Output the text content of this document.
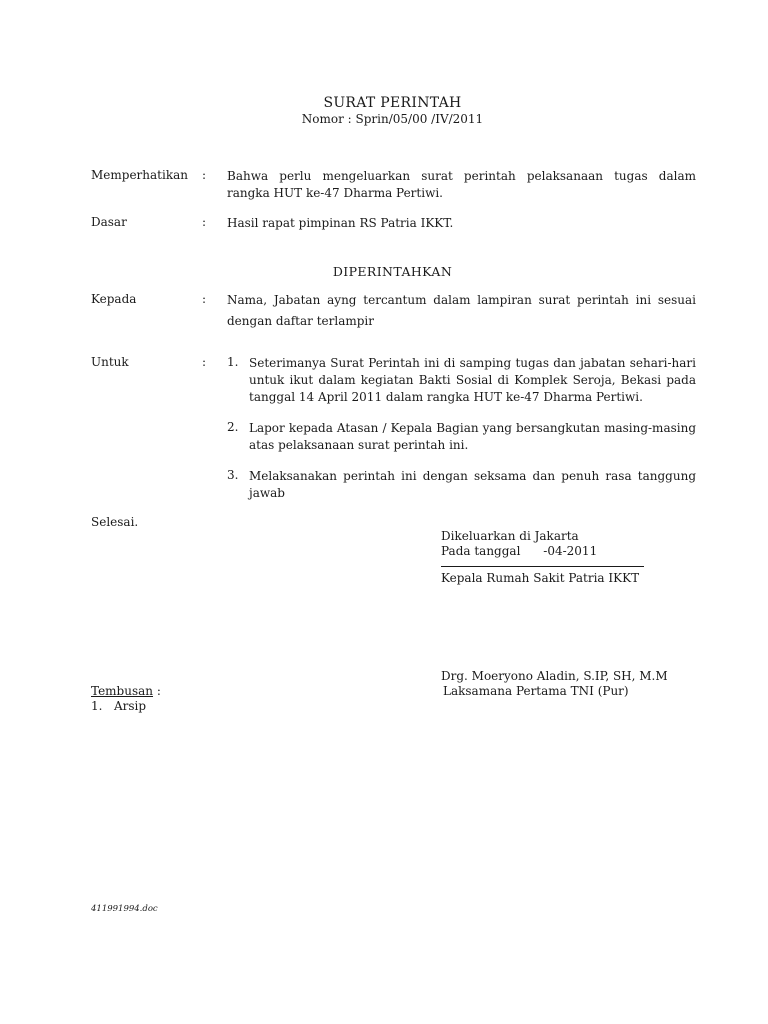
SURAT PERINTAH
Nomor : Sprin/05/00 /IV/2011
Memperhatikan : Bahwa perlu mengeluarkan surat perintah pelaksanaan tugas dalam
rangka HUT ke-47 Dharma Pertiwi.
Dasar	: Hasil rapat pimpinan RS Patria IKKT.
DIPERINTAHKAN
Kepada	: Nama, Jabatan ayng tercantum dalam lampiran surat perintah ini sesuai
dengan daftar terlampir
Untuk	: 1. Seterimanya Surat Perintah ini di samping tugas dan jabatan sehari-hari
untuk ikut dalam kegiatan Bakti Sosial di Komplek Seroja, Bekasi pada
tanggal 14 April 2011 dalam rangka HUT ke-47 Dharma Pertiwi.
2. Lapor kepada Atasan / Kepala Bagian yang bersangkutan masing-masing
atas pelaksanaan surat perintah ini.
3. Melaksanakan perintah ini dengan seksama dan penuh rasa tanggung
jawab
Selesai.
Dikeluarkan di Jakarta
Pada tanggal      -04-2011
Kepala Rumah Sakit Patria IKKT
Drg. Moeryono Aladin, S.IP, SH, M.M
Laksamana Pertama TNI (Pur)
Tembusan :
1. Arsip
411991994.doc
